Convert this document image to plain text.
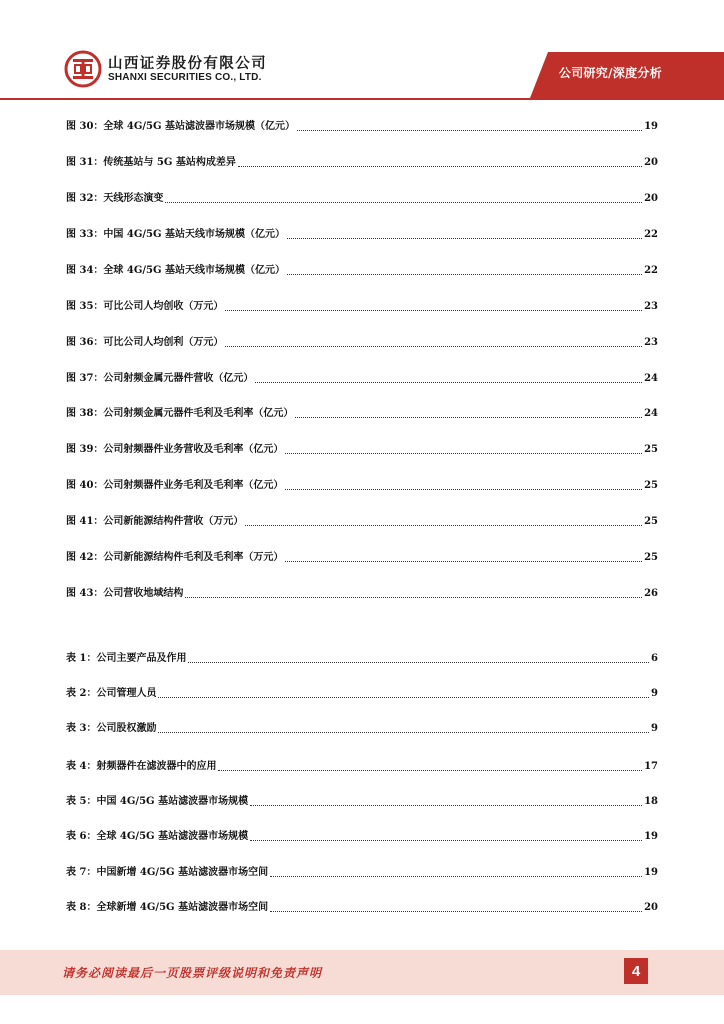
山西证券股份有限公司
SHANXI SECURITIES CO., LTD.	公司研究/深度分析
图 30： 全球 4G/5G 基站滤波器市场规模（亿元）	19
图 31： 传统基站与 5G 基站构成差异	20
图 32： 天线形态演变	20
图 33： 中国 4G/5G 基站天线市场规模（亿元）	22
图 34： 全球 4G/5G 基站天线市场规模（亿元）	22
图 35： 可比公司人均创收（万元）	23
图 36： 可比公司人均创利（万元）	23
图 37： 公司射频金属元器件营收（亿元）	24
图 38： 公司射频金属元器件毛利及毛利率（亿元）	24
图 39： 公司射频器件业务营收及毛利率（亿元）	25
图 40： 公司射频器件业务毛利及毛利率（亿元）	25
图 41： 公司新能源结构件营收（万元）	25
图 42： 公司新能源结构件毛利及毛利率（万元）	25
图 43： 公司营收地域结构	26
表 1： 公司主要产品及作用	6
表 2： 公司管理人员	9
表 3： 公司股权激励	9
表 4： 射频器件在滤波器中的应用	17
表 5： 中国 4G/5G 基站滤波器市场规模	18
表 6： 全球 4G/5G 基站滤波器市场规模	19
表 7： 中国新增 4G/5G 基站滤波器市场空间	19
表 8： 全球新增 4G/5G 基站滤波器市场空间	20
请务必阅读最后一页股票评级说明和免责声明	4
